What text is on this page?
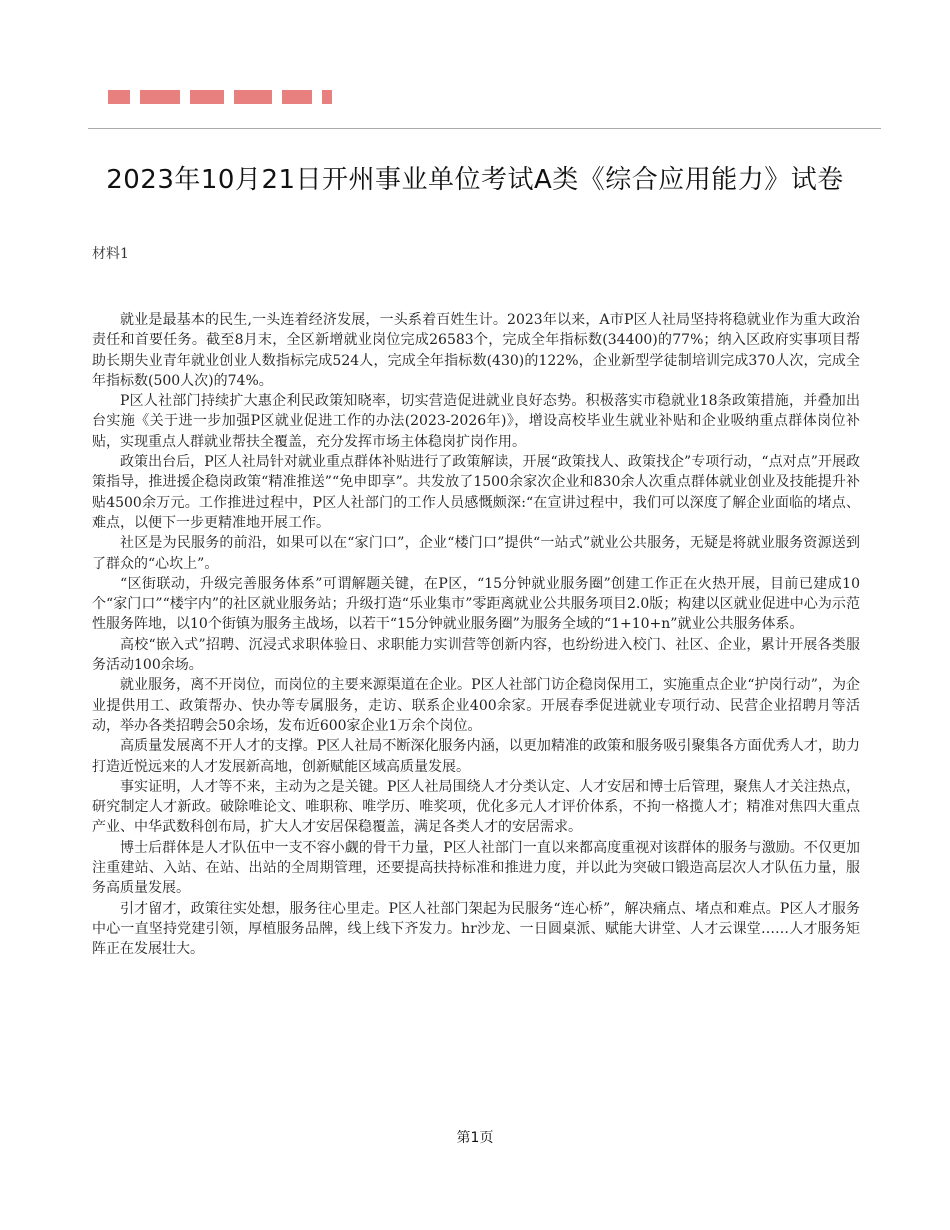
2023年10月21日开州事业单位考试A类《综合应用能力》试卷
材料1

就业是最基本的民生,一头连着经济发展，一头系着百姓生计。2023年以来，A市P区人社局坚持将稳就业作为重大政治责任和首要任务。截至8月末，全区新增就业岗位完成26583个，完成全年指标数(34400)的77%；纳入区政府实事项目帮助长期失业青年就业创业人数指标完成524人，完成全年指标数(430)的122%，企业新型学徒制培训完成370人次，完成全年指标数(500人次)的74%。

P区人社部门持续扩大惠企利民政策知晓率，切实营造促进就业良好态势。积极落实市稳就业18条政策措施，并叠加出台实施《关于进一步加强P区就业促进工作的办法(2023-2026年)》，增设高校毕业生就业补贴和企业吸纳重点群体岗位补贴，实现重点人群就业帮扶全覆盖，充分发挥市场主体稳岗扩岗作用。

政策出台后，P区人社局针对就业重点群体补贴进行了政策解读，开展“政策找人、政策找企”专项行动，“点对点”开展政策指导，推进援企稳岗政策“精准推送”“免申即享”。共发放了1500余家次企业和830余人次重点群体就业创业及技能提升补贴4500余万元。工作推进过程中，P区人社部门的工作人员感慨颇深:“在宣讲过程中，我们可以深度了解企业面临的堵点、难点，以便下一步更精准地开展工作。

社区是为民服务的前沿，如果可以在“家门口”，企业“楼门口”提供“一站式”就业公共服务，无疑是将就业服务资源送到了群众的“心坎上”。

“区街联动，升级完善服务体系”可谓解题关键，在P区，“15分钟就业服务圈”创建工作正在火热开展，目前已建成10个“家门口”“楼宇内”的社区就业服务站；升级打造“乐业集市”零距离就业公共服务项目2.0版；构建以区就业促进中心为示范性服务阵地，以10个街镇为服务主战场，以若干“15分钟就业服务圈”为服务全域的“1+10+n”就业公共服务体系。

高校“嵌入式”招聘、沉浸式求职体验日、求职能力实训营等创新内容，也纷纷进入校门、社区、企业，累计开展各类服务活动100余场。

就业服务，离不开岗位，而岗位的主要来源渠道在企业。P区人社部门访企稳岗保用工，实施重点企业“护岗行动”，为企业提供用工、政策帮办、快办等专属服务，走访、联系企业400余家。开展春季促进就业专项行动、民营企业招聘月等活动，举办各类招聘会50余场，发布近600家企业1万余个岗位。

高质量发展离不开人才的支撑。P区人社局不断深化服务内涵，以更加精准的政策和服务吸引聚集各方面优秀人才，助力打造近悦远来的人才发展新高地，创新赋能区域高质量发展。

事实证明，人才等不来，主动为之是关键。P区人社局围绕人才分类认定、人才安居和博士后管理，聚焦人才关注热点，研究制定人才新政。破除唯论文、唯职称、唯学历、唯奖项，优化多元人才评价体系，不拘一格揽人才；精准对焦四大重点产业、中华武数科创布局，扩大人才安居保稳覆盖，满足各类人才的安居需求。

博士后群体是人才队伍中一支不容小觑的骨干力量，P区人社部门一直以来都高度重视对该群体的服务与激励。不仅更加注重建站、入站、在站、出站的全周期管理，还要提高扶持标准和推进力度，并以此为突破口锻造高层次人才队伍力量，服务高质量发展。

引才留才，政策往实处想，服务往心里走。P区人社部门架起为民服务“连心桥”，解决痛点、堵点和难点。P区人才服务中心一直坚持党建引领，厚植服务品牌，线上线下齐发力。hr沙龙、一日圆桌派、赋能大讲堂、人才云课堂……人才服务矩阵正在发展壮大。

第1页
